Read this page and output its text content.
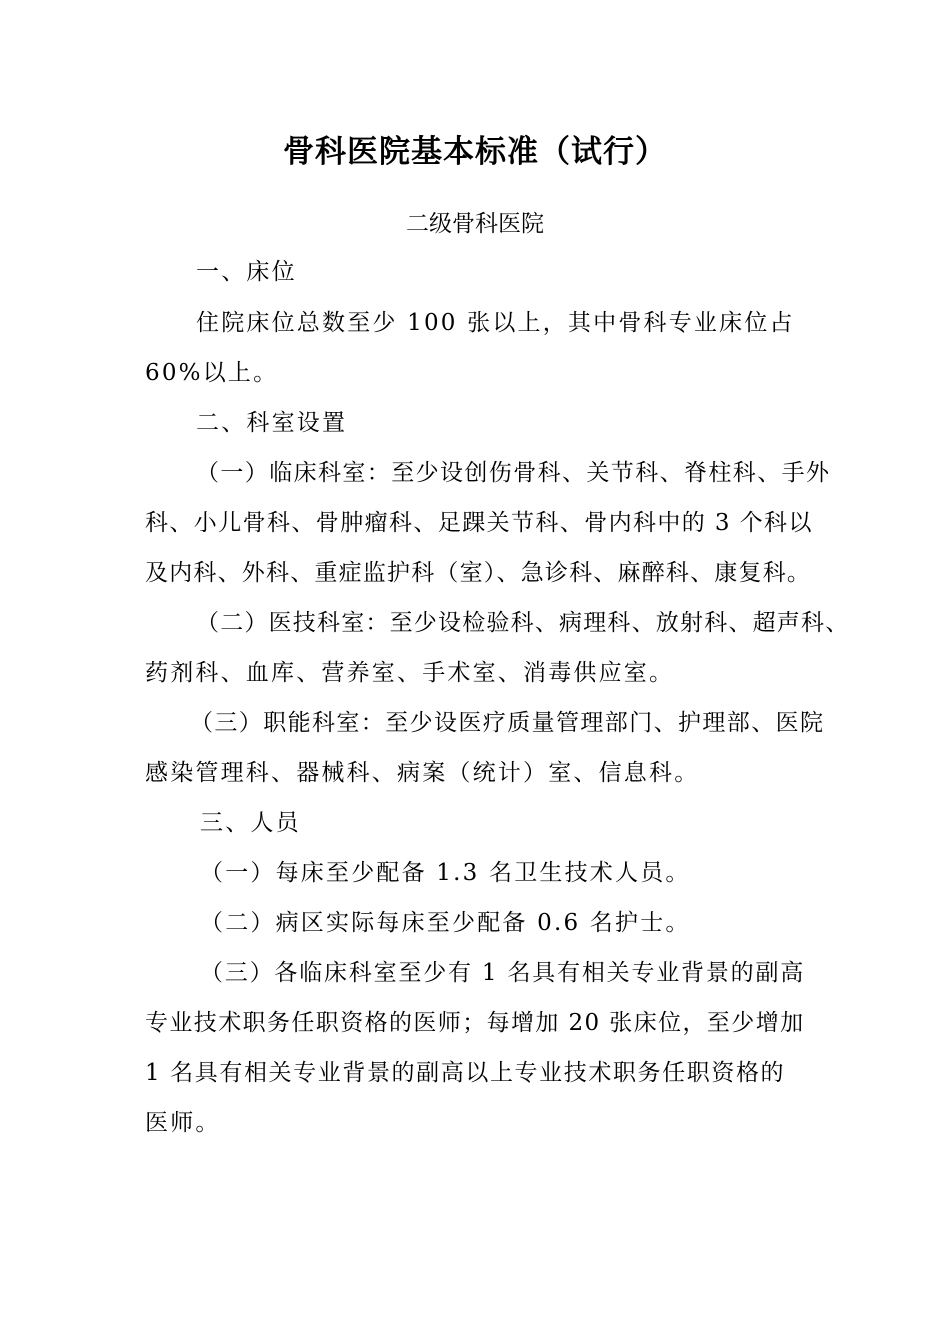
骨科医院基本标准（试行）
二级骨科医院
一、床位
住院床位总数至少 100 张以上，其中骨科专业床位占
60%以上。
二、科室设置
（一）临床科室：至少设创伤骨科、关节科、脊柱科、手外
科、小儿骨科、骨肿瘤科、足踝关节科、骨内科中的 3 个科以
及内科、外科、重症监护科（室）、急诊科、麻醉科、康复科。
（二）医技科室：至少设检验科、病理科、放射科、超声科、
药剂科、血库、营养室、手术室、消毒供应室。
（三）职能科室：至少设医疗质量管理部门、护理部、医院
感染管理科、器械科、病案（统计）室、信息科。
三、人员
（一）每床至少配备 1.3 名卫生技术人员。
（二）病区实际每床至少配备 0.6 名护士。
（三）各临床科室至少有 1 名具有相关专业背景的副高
专业技术职务任职资格的医师；每增加 20 张床位，至少增加
1 名具有相关专业背景的副高以上专业技术职务任职资格的
医师。
